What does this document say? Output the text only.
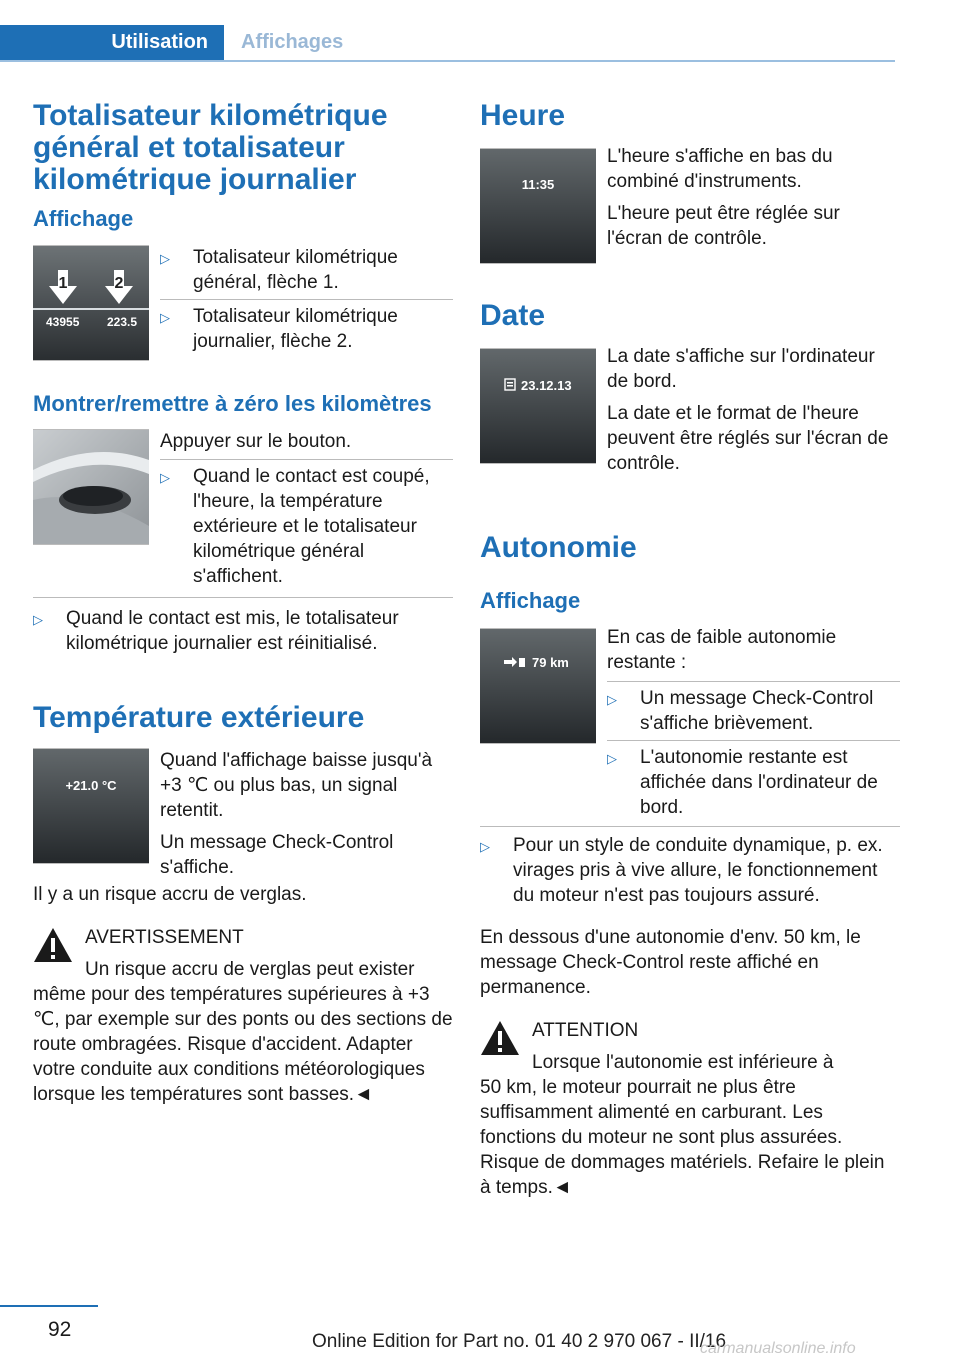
Utilisation	Affichages
Totalisateur kilométrique général et totalisateur kilométrique journalier
Affichage
1	2
43955 223.5
▷	Totalisateur kilométrique général, flèche 1.
▷	Totalisateur kilométrique journalier, flèche 2.
Montrer/remettre à zéro les kilomètres

Appuyer sur le bouton.

▷	Quand le contact est coupé, l'heure, la température extérieure et le totalisateur kilométrique général s'affichent.
▷	Quand le contact est mis, le totalisateur kilométrique journalier est réinitialisé.
Température extérieure
+21.0 °C

Quand l'affichage baisse jusqu'à +3 ℃ ou plus bas, un signal retentit.

Un message Check-Control s'affiche.

Il y a un risque accru de verglas.

AVERTISSEMENT

Un risque accru de verglas peut exister

même pour des températures supérieures à +3 ℃, par exemple sur des ponts ou des sections de route ombragées. Risque d'accident. Adapter votre conduite aux conditions météorologiques lorsque les températures sont basses.◄

Heure
11:35

L'heure s'affiche en bas du combiné d'instruments.

L'heure peut être réglée sur l'écran de contrôle.

Date
23.12.13

La date s'affiche sur l'ordinateur de bord.

La date et le format de l'heure peuvent être réglés sur l'écran de contrôle.

Autonomie
Affichage
79 km

En cas de faible autonomie restante :

▷	Un message Check-Control s'affiche brièvement.
▷	L'autonomie restante est affichée dans l'ordinateur de bord.
▷	Pour un style de conduite dynamique, p. ex. virages pris à vive allure, le fonctionnement du moteur n'est pas toujours assuré.

En dessous d'une autonomie d'env. 50 km, le message Check-Control reste affiché en permanence.

ATTENTION

Lorsque l'autonomie est inférieure à

50 km, le moteur pourrait ne plus être suffisamment alimenté en carburant. Les fonctions du moteur ne sont plus assurées. Risque de dommages matériels. Refaire le plein à temps.◄

92
Online Edition for Part no. 01 40 2 970 067 - II/16
carmanualsonline.info
